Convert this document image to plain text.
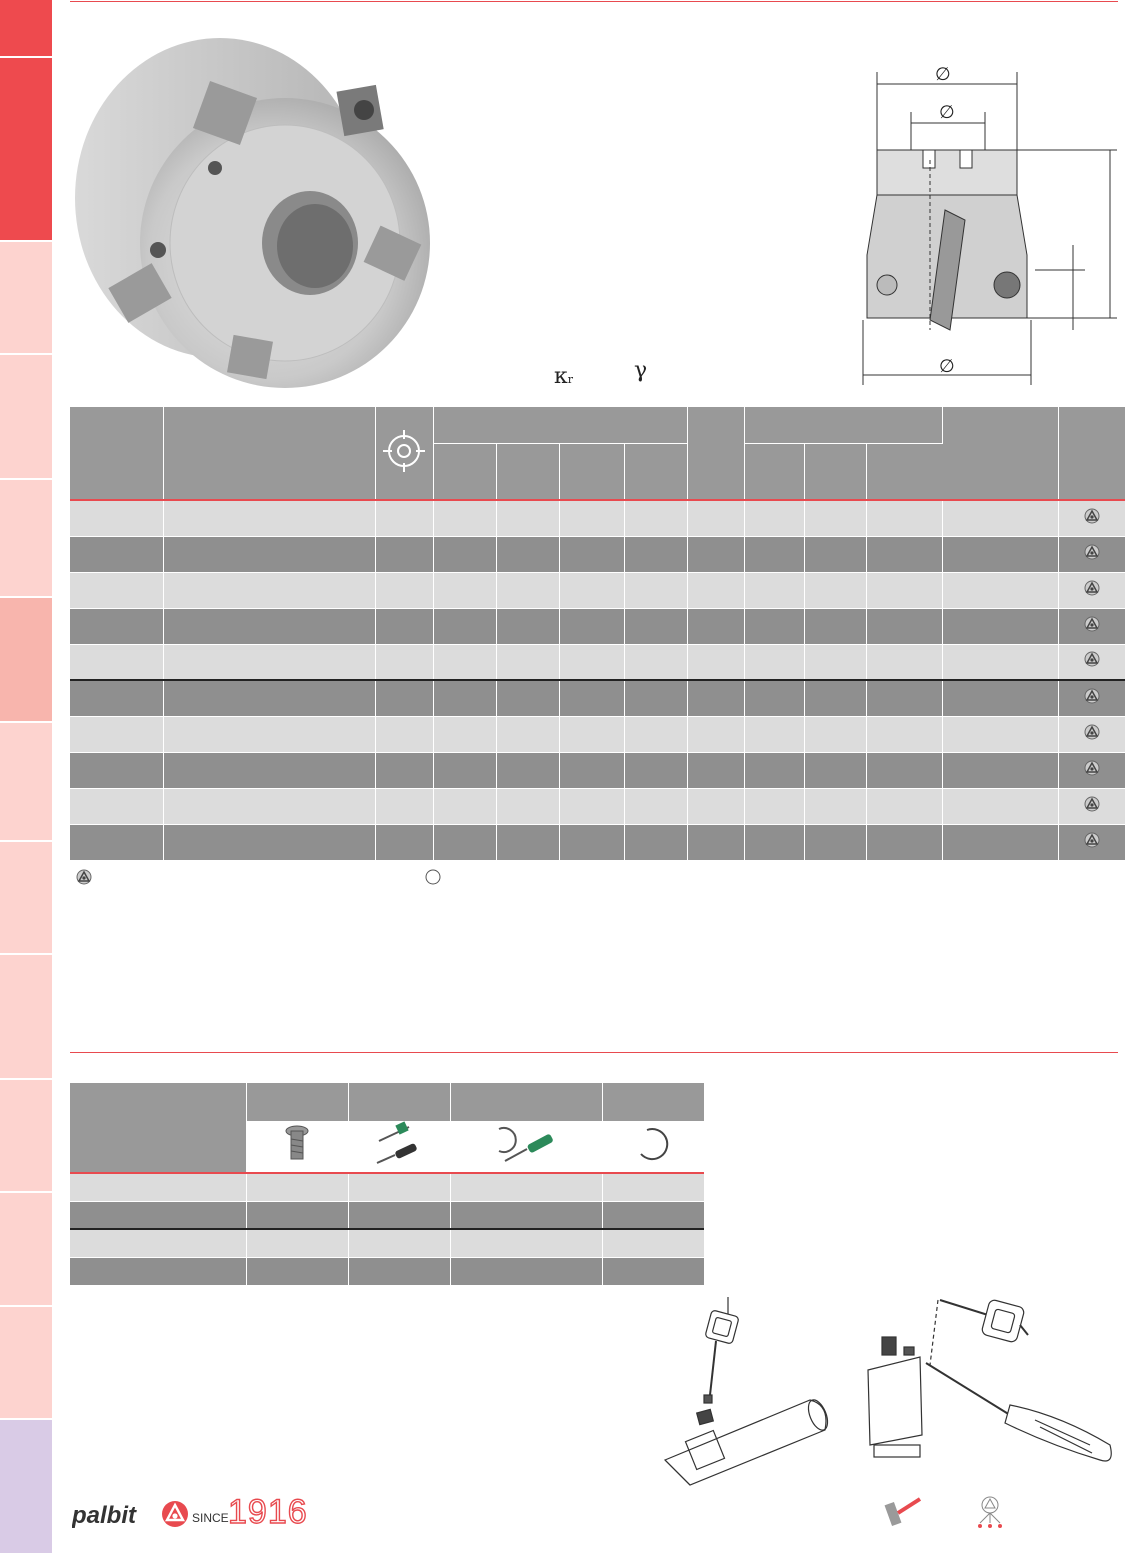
∅
∅
∅
κr	γ

palbit	SINCE 1916
